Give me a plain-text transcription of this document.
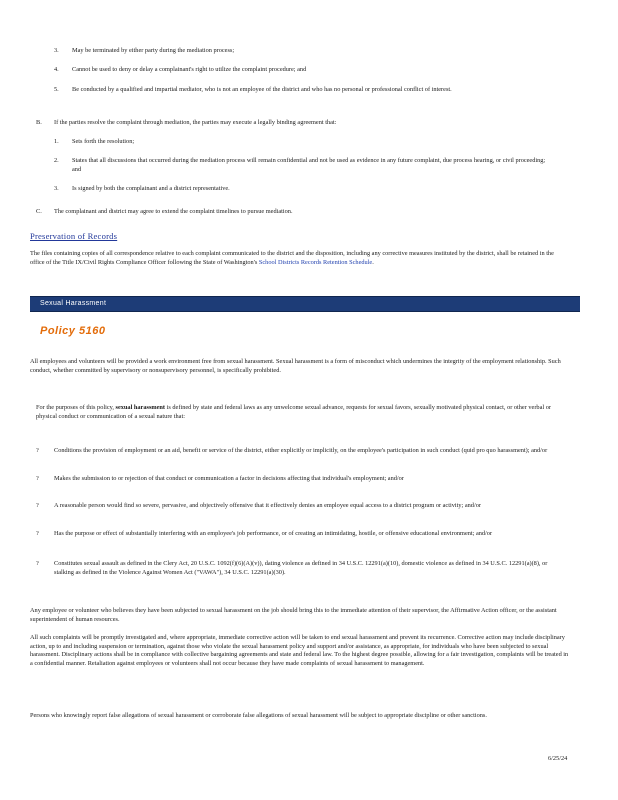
3. May be terminated by either party during the mediation process;

4. Cannot be used to deny or delay a complainant's right to utilize the complaint procedure; and

5. Be conducted by a qualified and impartial mediator, who is not an employee of the district and who has no personal or professional conflict of interest.

B. If the parties resolve the complaint through mediation, the parties may execute a legally binding agreement that:

1. Sets forth the resolution;

2. States that all discussions that occurred during the mediation process will remain confidential and not be used as evidence in any future complaint, due process hearing, or civil proceeding; and

3. Is signed by both the complainant and a district representative.

C. The complainant and district may agree to extend the complaint timelines to pursue mediation.

Preservation of Records

The files containing copies of all correspondence relative to each complaint communicated to the district and the disposition, including any corrective measures instituted by the district, shall be retained in the office of the Title IX/Civil Rights Compliance Officer following the State of Washington's School Districts Records Retention Schedule.

Sexual Harassment
Policy 5160

All employees and volunteers will be provided a work environment free from sexual harassment. Sexual harassment is a form of misconduct which undermines the integrity of the employment relationship. Such conduct, whether committed by supervisory or nonsupervisory personnel, is specifically prohibited.

For the purposes of this policy, sexual harassment is defined by state and federal laws as any unwelcome sexual advance, requests for sexual favors, sexually motivated physical contact, or other verbal or physical conduct or communication of a sexual nature that:

? Conditions the provision of employment or an aid, benefit or service of the district, either explicitly or implicitly, on the employee's participation in such conduct (quid pro quo harassment); and/or

? Makes the submission to or rejection of that conduct or communication a factor in decisions affecting that individual's employment; and/or

? A reasonable person would find so severe, pervasive, and objectively offensive that it effectively denies an employee equal access to a district program or activity; and/or

? Has the purpose or effect of substantially interfering with an employee's job performance, or of creating an intimidating, hostile, or offensive educational environment; and/or

? Constitutes sexual assault as defined in the Clery Act, 20 U.S.C. 1092(f)(6)(A)(v)), dating violence as defined in 34 U.S.C. 12291(a)(10), domestic violence as defined in 34 U.S.C. 12291(a)(8), or stalking as defined in the Violence Against Women Act ("VAWA"), 34 U.S.C. 12291(a)(30).

Any employee or volunteer who believes they have been subjected to sexual harassment on the job should bring this to the immediate attention of their supervisor, the Affirmative Action officer, or the assistant superintendent of human resources.

All such complaints will be promptly investigated and, where appropriate, immediate corrective action will be taken to end sexual harassment and prevent its recurrence. Corrective action may include disciplinary action, up to and including suspension or termination, against those who violate the sexual harassment policy and support and/or assistance, as appropriate, for individuals who have been subjected to sexual harassment. Disciplinary actions shall be in compliance with collective bargaining agreements and state and federal law. To the highest degree possible, allowing for a fair investigation, complaints will be treated in a confidential manner. Retaliation against employees or volunteers shall not occur because they have made complaints of sexual harassment to management.

Persons who knowingly report false allegations of sexual harassment or corroborate false allegations of sexual harassment will be subject to appropriate discipline or other sanctions.

6/25/24
